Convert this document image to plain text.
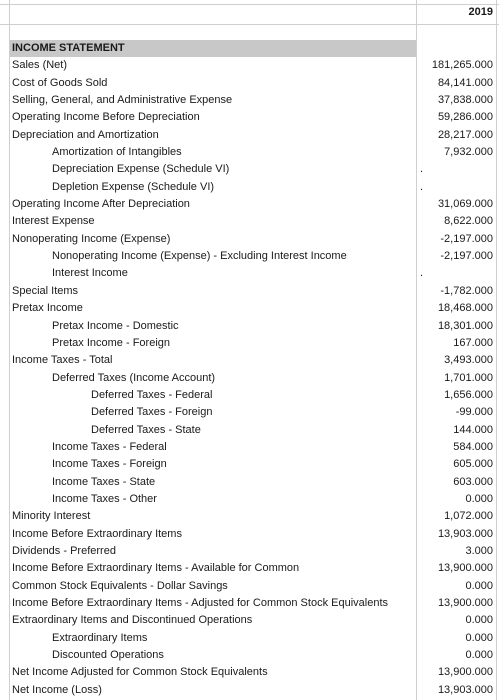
2019
INCOME STATEMENT
Sales (Net)	181,265.000
Cost of Goods Sold	84,141.000
Selling, General, and Administrative Expense	37,838.000
Operating Income Before Depreciation	59,286.000
Depreciation and Amortization	28,217.000
Amortization of Intangibles	7,932.000
Depreciation Expense (Schedule VI)	.
Depletion Expense (Schedule VI)	.
Operating Income After Depreciation	31,069.000
Interest Expense	8,622.000
Nonoperating Income (Expense)	-2,197.000
Nonoperating Income (Expense) - Excluding Interest Income	-2,197.000
Interest Income	.
Special Items	-1,782.000
Pretax Income	18,468.000
Pretax Income - Domestic	18,301.000
Pretax Income - Foreign	167.000
Income Taxes - Total	3,493.000
Deferred Taxes (Income Account)	1,701.000
Deferred Taxes - Federal	1,656.000
Deferred Taxes - Foreign	-99.000
Deferred Taxes - State	144.000
Income Taxes - Federal	584.000
Income Taxes - Foreign	605.000
Income Taxes - State	603.000
Income Taxes - Other	0.000
Minority Interest	1,072.000
Income Before Extraordinary Items	13,903.000
Dividends - Preferred	3.000
Income Before Extraordinary Items - Available for Common	13,900.000
Common Stock Equivalents - Dollar Savings	0.000
Income Before Extraordinary Items - Adjusted for Common Stock Equivalents	13,900.000
Extraordinary Items and Discontinued Operations	0.000
Extraordinary Items	0.000
Discounted Operations	0.000
Net Income Adjusted for Common Stock Equivalents	13,900.000
Net Income (Loss)	13,903.000
